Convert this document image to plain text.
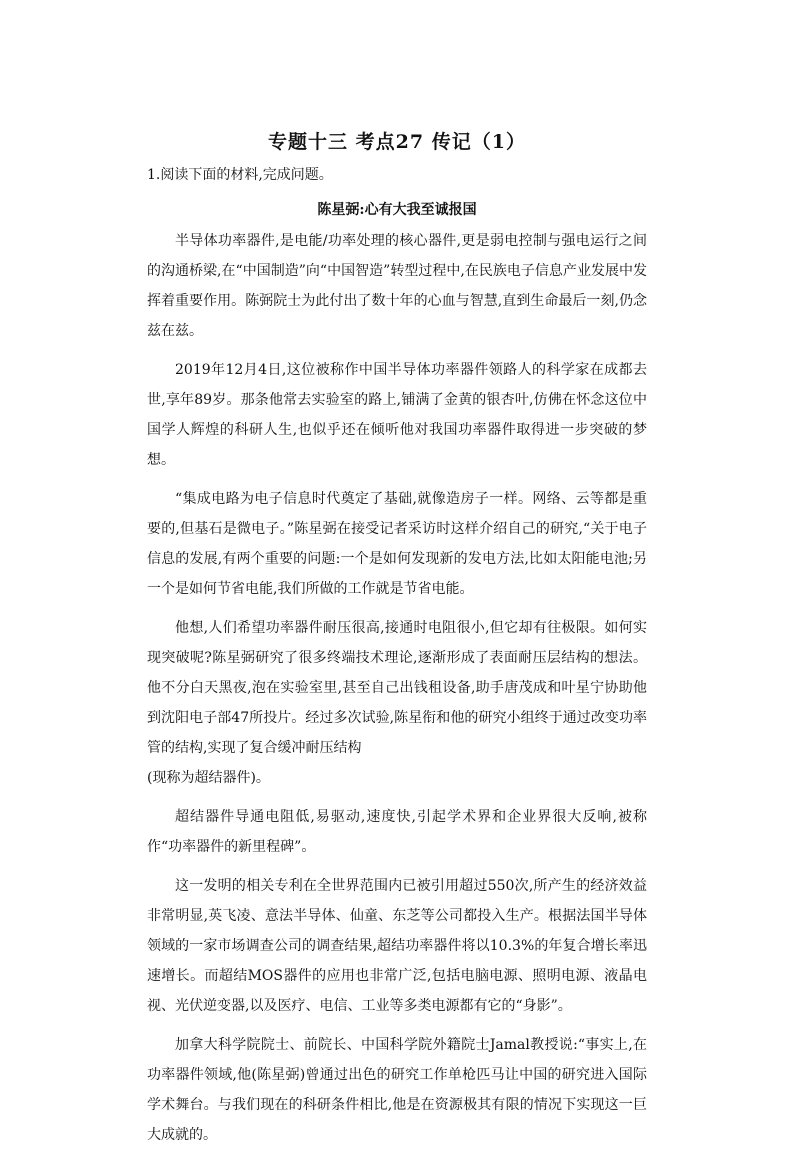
专题十三 考点27 传记（1）
1.阅读下面的材料,完成问题。
陈星弼:心有大我至诚报国

半导体功率器件,是电能/功率处理的核心器件,更是弱电控制与强电运行之间的沟通桥梁,在“中国制造”向“中国智造”转型过程中,在民族电子信息产业发展中发挥着重要作用。陈弼院士为此付出了数十年的心血与智慧,直到生命最后一刻,仍念兹在兹。

2019年12月4日,这位被称作中国半导体功率器件领路人的科学家在成都去世,享年89岁。那条他常去实验室的路上,铺满了金黄的银杏叶,仿佛在怀念这位中国学人辉煌的科研人生,也似乎还在倾听他对我国功率器件取得进一步突破的梦想。

“集成电路为电子信息时代奠定了基础,就像造房子一样。网络、云等都是重要的,但基石是微电子。”陈星弼在接受记者采访时这样介绍自己的研究,“关于电子信息的发展,有两个重要的问题:一个是如何发现新的发电方法,比如太阳能电池;另一个是如何节省电能,我们所做的工作就是节省电能。

他想,人们希望功率器件耐压很高,接通时电阻很小,但它却有往极限。如何实现突破呢?陈星弼研究了很多终端技术理论,逐渐形成了表面耐压层结构的想法。他不分白天黑夜,泡在实验室里,甚至自己出钱租设备,助手唐茂成和叶星宁协助他到沈阳电子部47所投片。经过多次试验,陈星衔和他的研究小组终于通过改变功率管的结构,实现了复合缓冲耐压结构

(现称为超结器件)。

超结器件导通电阻低,易驱动,速度快,引起学术界和企业界很大反响,被称作“功率器件的新里程碑”。

这一发明的相关专利在全世界范围内已被引用超过550次,所产生的经济效益非常明显,英飞凌、意法半导体、仙童、东芝等公司都投入生产。根据法国半导体领域的一家市场调查公司的调查结果,超结功率器件将以10.3%的年复合增长率迅速增长。而超结MOS器件的应用也非常广泛,包括电脑电源、照明电源、液晶电视、光伏逆变器,以及医疗、电信、工业等多类电源都有它的“身影”。

加拿大科学院院士、前院长、中国科学院外籍院士Jamal教授说:“事实上,在功率器件领域,他(陈星弼)曾通过出色的研究工作单枪匹马让中国的研究进入国际学术舞台。与我们现在的科研条件相比,他是在资源极其有限的情况下实现这一巨大成就的。
